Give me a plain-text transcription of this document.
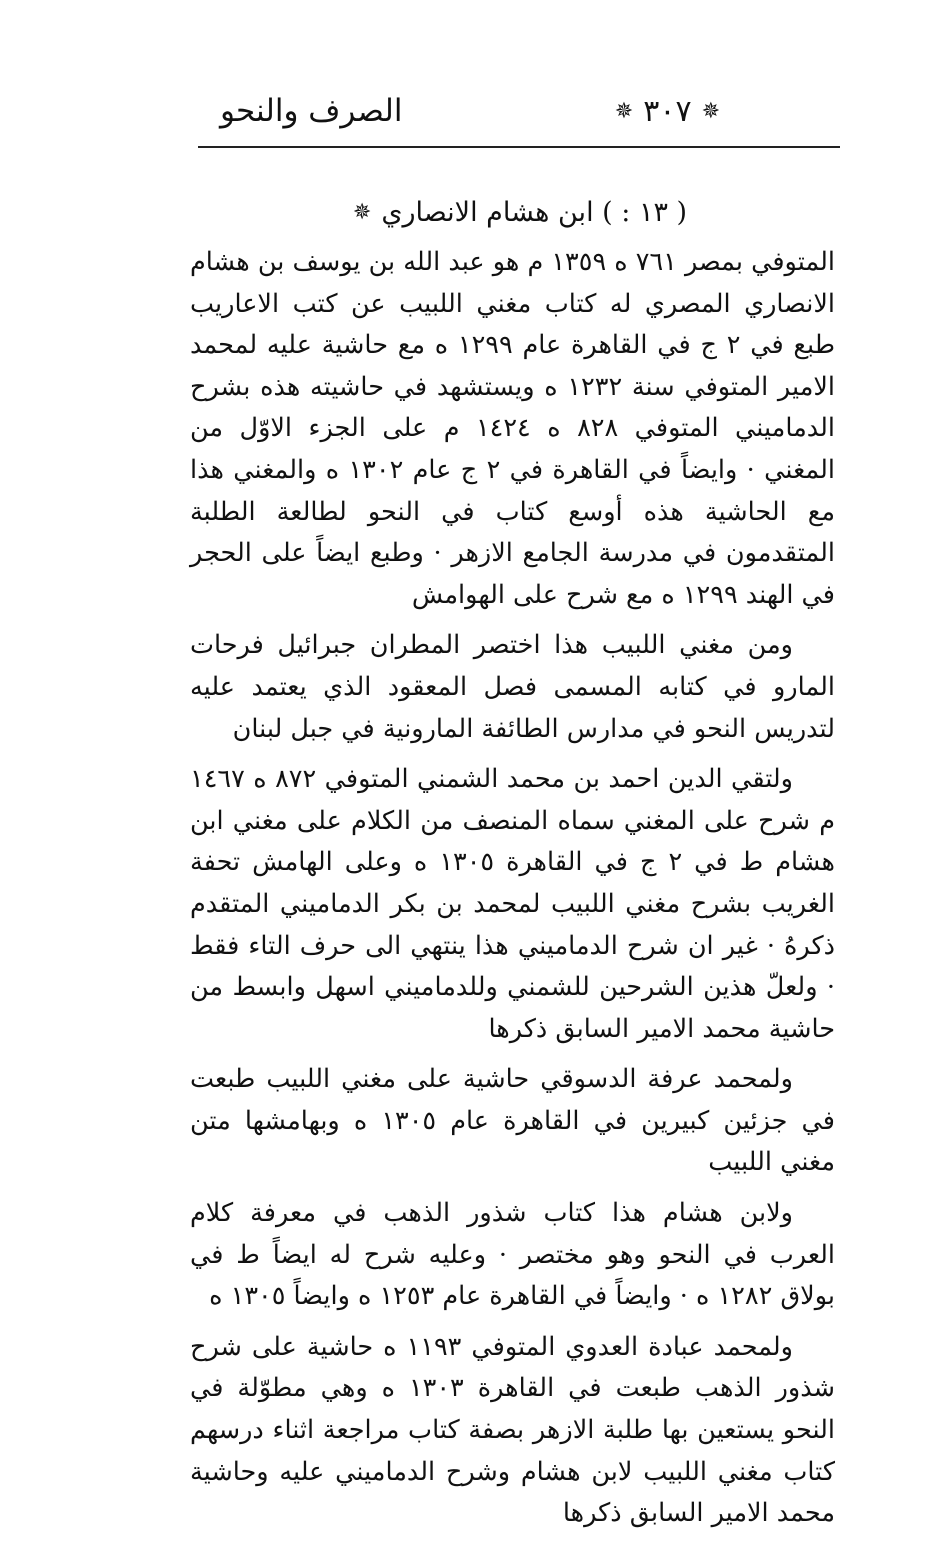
✵
٣٠٧
✵
الصرف والنحو
( ١٣ : ) ابن هشام الانصاري
✵

المتوفي بمصر ٧٦١ ه ١٣٥٩ م هو عبد الله بن يوسف بن هشام الانصاري المصري له كتاب مغني اللبيب عن كتب الاعاريب طبع في ٢ ج في القاهرة عام ١٢٩٩ ه مع حاشية عليه لمحمد الامير المتوفي سنة ١٢٣٢ ه ويستشهد في حاشيته هذه بشرح الدماميني المتوفي ٨٢٨ ه ١٤٢٤ م على الجزء الاوّل من المغني · وايضاً في القاهرة في ٢ ج عام ١٣٠٢ ه والمغني هذا مع الحاشية هذه أوسع كتاب في النحو لطالعة الطلبة المتقدمون في مدرسة الجامع الازهر · وطبع ايضاً على الحجر في الهند ١٢٩٩ ه مع شرح على الهوامش

ومن مغني اللبيب هذا اختصر المطران جبرائيل فرحات المارو في كتابه المسمى فصل المعقود الذي يعتمد عليه لتدريس النحو في مدارس الطائفة المارونية في جبل لبنان

ولتقي الدين احمد بن محمد الشمني المتوفي ٨٧٢ ه ١٤٦٧ م شرح على المغني سماه المنصف من الكلام على مغني ابن هشام ط في ٢ ج في القاهرة ١٣٠٥ ه وعلى الهامش تحفة الغريب بشرح مغني اللبيب لمحمد بن بكر الدماميني المتقدم ذكرهُ · غير ان شرح الدماميني هذا ينتهي الى حرف التاء فقط · ولعلّ هذين الشرحين للشمني وللدماميني اسهل وابسط من حاشية محمد الامير السابق ذكرها

ولمحمد عرفة الدسوقي حاشية على مغني اللبيب طبعت في جزئين كبيرين في القاهرة عام ١٣٠٥ ه وبهامشها متن مغني اللبيب

ولابن هشام هذا كتاب شذور الذهب في معرفة كلام العرب في النحو وهو مختصر · وعليه شرح له ايضاً ط في بولاق ١٢٨٢ ه · وايضاً في القاهرة عام ١٢٥٣ ه وايضاً ١٣٠٥ ه

ولمحمد عبادة العدوي المتوفي ١١٩٣ ه حاشية على شرح شذور الذهب طبعت في القاهرة ١٣٠٣ ه وهي مطوّلة في النحو يستعين بها طلبة الازهر بصفة كتاب مراجعة اثناء درسهم كتاب مغني اللبيب لابن هشام وشرح الدماميني عليه وحاشية محمد الامير السابق ذكرها
